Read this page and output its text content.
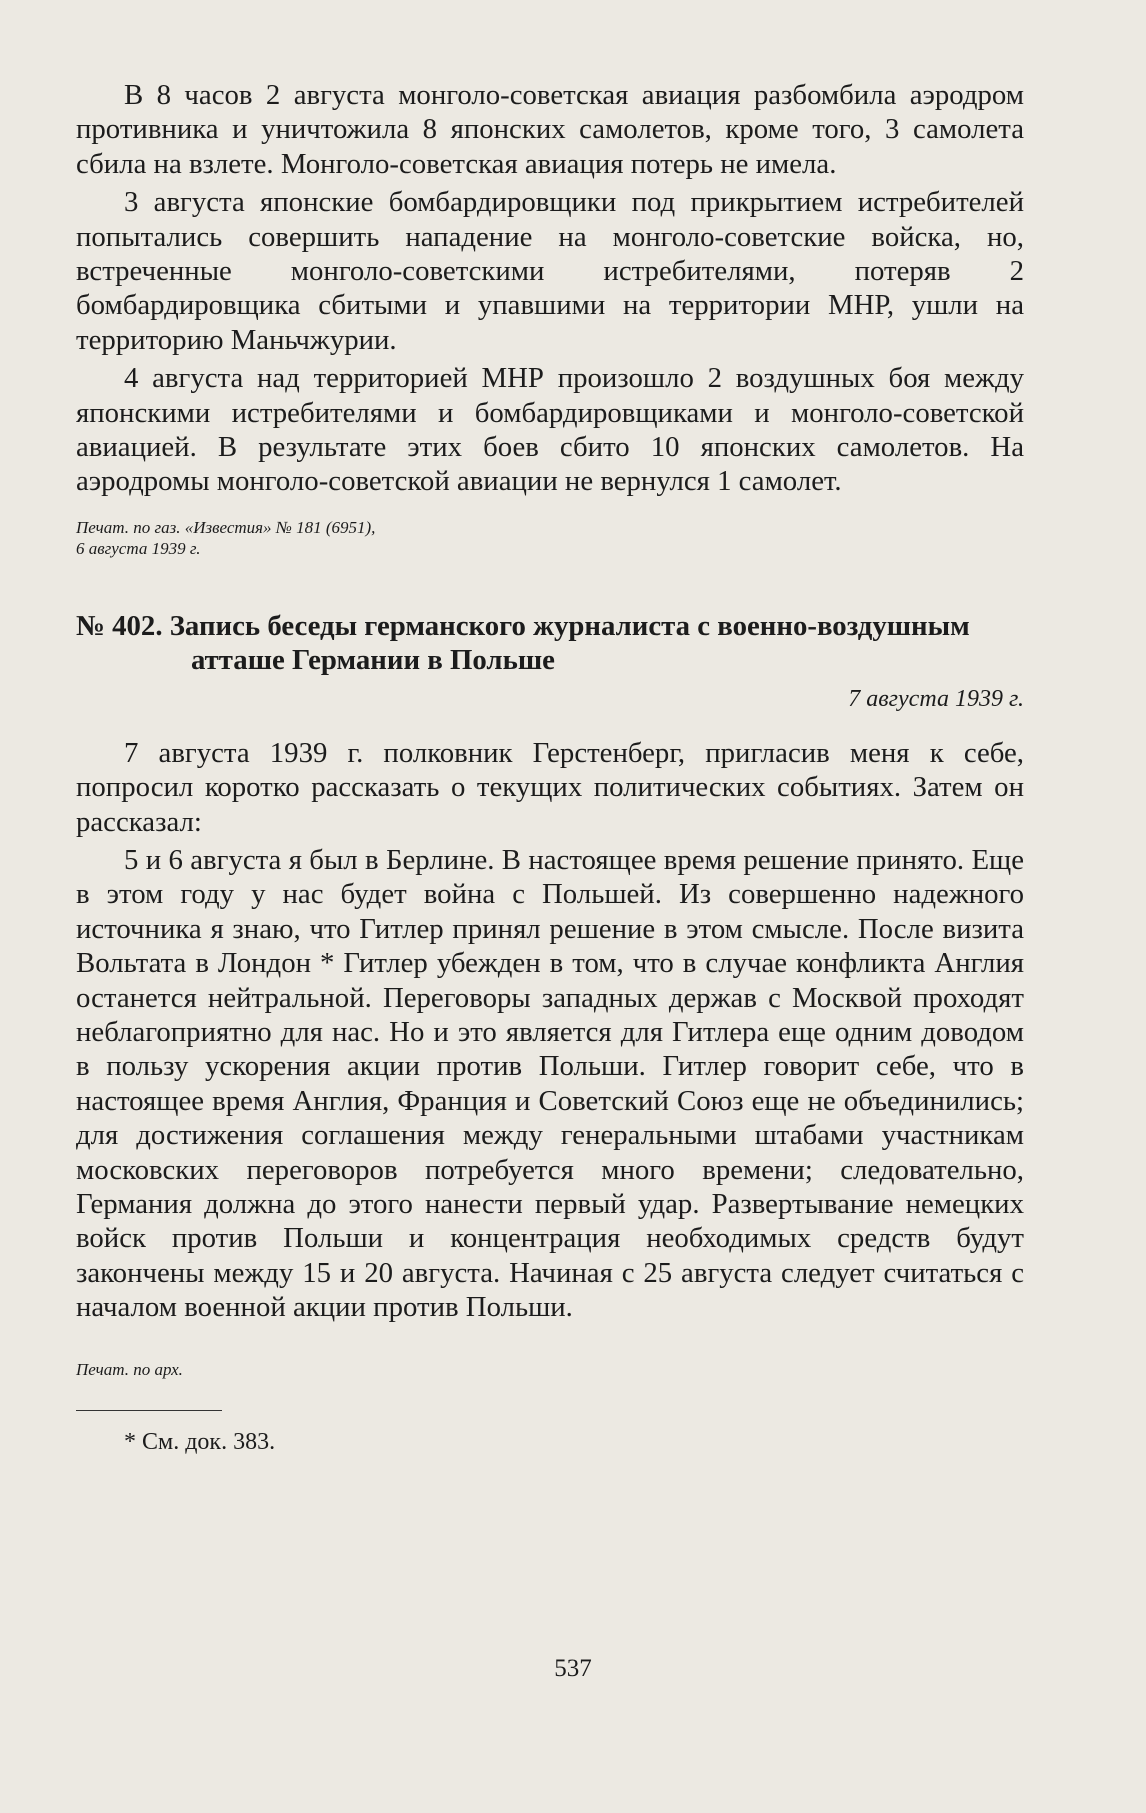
В 8 часов 2 августа монголо-советская авиация разбомбила аэродром противника и уничтожила 8 японских самолетов, кроме того, 3 самолета сбила на взлете. Монголо-советская авиация потерь не имела.

3 августа японские бомбардировщики под прикрытием истребителей попытались совершить нападение на монголо-советские войска, но, встреченные монголо-советскими истребителями, потеряв 2 бомбардировщика сбитыми и упавшими на территории МНР, ушли на территорию Маньчжурии.

4 августа над территорией МНР произошло 2 воздушных боя между японскими истребителями и бомбардировщиками и монголо-советской авиацией. В результате этих боев сбито 10 японских самолетов. На аэродромы монголо-советской авиации не вернулся 1 самолет.

Печат. по газ. «Известия» № 181 (6951),

6 августа 1939 г.

№ 402. Запись беседы германского журналиста с военно-воздушным атташе Германии в Польше

7 августа 1939 г.

7 августа 1939 г. полковник Герстенберг, пригласив меня к себе, попросил коротко рассказать о текущих политических событиях. Затем он рассказал:

5 и 6 августа я был в Берлине. В настоящее время решение принято. Еще в этом году у нас будет война с Польшей. Из совершенно надежного источника я знаю, что Гитлер принял решение в этом смысле. После визита Вольтата в Лондон * Гитлер убежден в том, что в случае конфликта Англия останется нейтральной. Переговоры западных держав с Москвой проходят неблагоприятно для нас. Но и это является для Гитлера еще одним доводом в пользу ускорения акции против Польши. Гитлер говорит себе, что в настоящее время Англия, Франция и Советский Союз еще не объединились; для достижения соглашения между генеральными штабами участникам московских переговоров потребуется много времени; следовательно, Германия должна до этого нанести первый удар. Развертывание немецких войск против Польши и концентрация необходимых средств будут закончены между 15 и 20 августа. Начиная с 25 августа следует считаться с началом военной акции против Польши.

Печат. по арх.

* См. док. 383.

537
